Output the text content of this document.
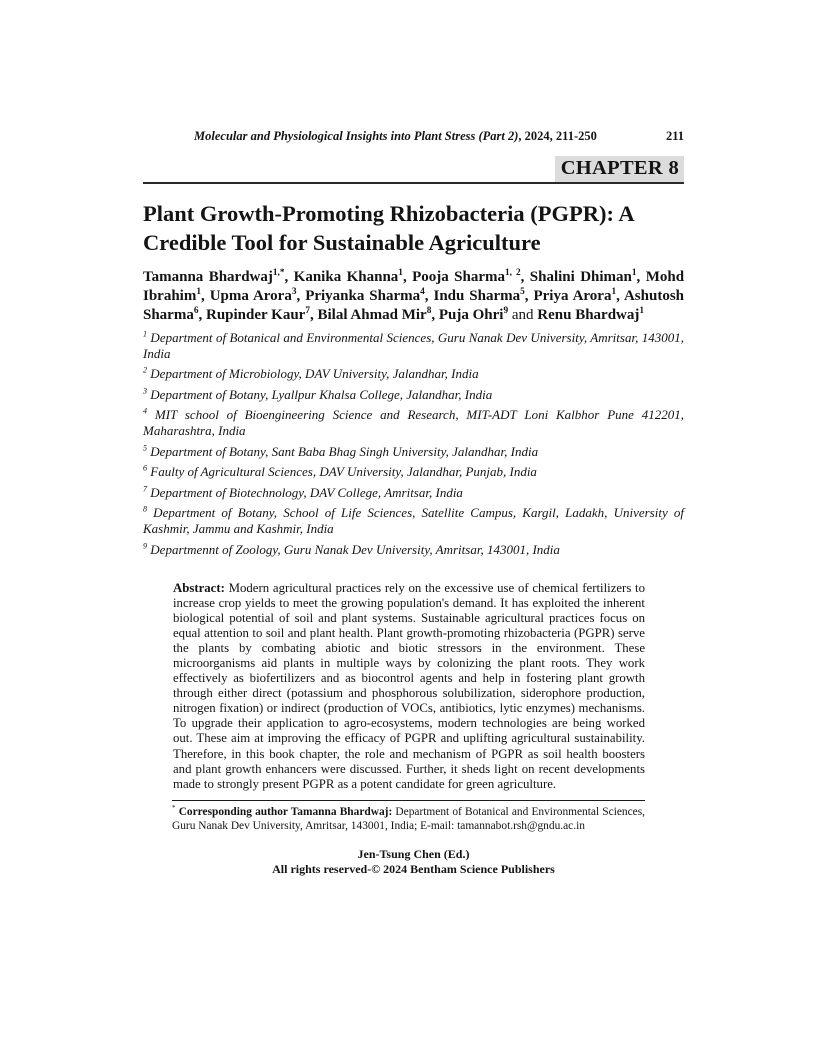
Molecular and Physiological Insights into Plant Stress (Part 2), 2024, 211-250	211
CHAPTER 8
Plant Growth-Promoting Rhizobacteria (PGPR): A Credible Tool for Sustainable Agriculture

Tamanna Bhardwaj$^{1,*}$, Kanika Khanna$^1$, Pooja Sharma$^{1, 2}$, Shalini Dhiman$^1$, Mohd Ibrahim$^1$, Upma Arora$^3$, Priyanka Sharma$^4$, Indu Sharma$^5$, Priya Arora$^1$, Ashutosh Sharma$^6$, Rupinder Kaur$^7$, Bilal Ahmad Mir$^8$, Puja Ohri$^9$ and Renu Bhardwaj$^1$

$^1$ Department of Botanical and Environmental Sciences, Guru Nanak Dev University, Amritsar, 143001, India

$^2$ Department of Microbiology, DAV University, Jalandhar, India

$^3$ Department of Botany, Lyallpur Khalsa College, Jalandhar, India

$^4$ MIT school of Bioengineering Science and Research, MIT-ADT Loni Kalbhor Pune 412201, Maharashtra, India

$^5$ Department of Botany, Sant Baba Bhag Singh University, Jalandhar, India

$^6$ Faulty of Agricultural Sciences, DAV University, Jalandhar, Punjab, India

$^7$ Department of Biotechnology, DAV College, Amritsar, India

$^8$ Department of Botany, School of Life Sciences, Satellite Campus, Kargil, Ladakh, University of Kashmir, Jammu and Kashmir, India

$^9$ Departmennt of Zoology, Guru Nanak Dev University, Amritsar, 143001, India

Abstract: Modern agricultural practices rely on the excessive use of chemical fertilizers to increase crop yields to meet the growing population's demand. It has exploited the inherent biological potential of soil and plant systems. Sustainable agricultural practices focus on equal attention to soil and plant health. Plant growth-promoting rhizobacteria (PGPR) serve the plants by combating abiotic and biotic stressors in the environment. These microorganisms aid plants in multiple ways by colonizing the plant roots. They work effectively as biofertilizers and as biocontrol agents and help in fostering plant growth through either direct (potassium and phosphorous solubilization, siderophore production, nitrogen fixation) or indirect (production of VOCs, antibiotics, lytic enzymes) mechanisms. To upgrade their application to agro-ecosystems, modern technologies are being worked out. These aim at improving the efficacy of PGPR and uplifting agricultural sustainability. Therefore, in this book chapter, the role and mechanism of PGPR as soil health boosters and plant growth enhancers were discussed. Further, it sheds light on recent developments made to strongly present PGPR as a potent candidate for green agriculture.

* Corresponding author Tamanna Bhardwaj: Department of Botanical and Environmental Sciences, Guru Nanak Dev University, Amritsar, 143001, India; E-mail: tamannabot.rsh@gndu.ac.in

Jen-Tsung Chen (Ed.)
All rights reserved-© 2024 Bentham Science Publishers
